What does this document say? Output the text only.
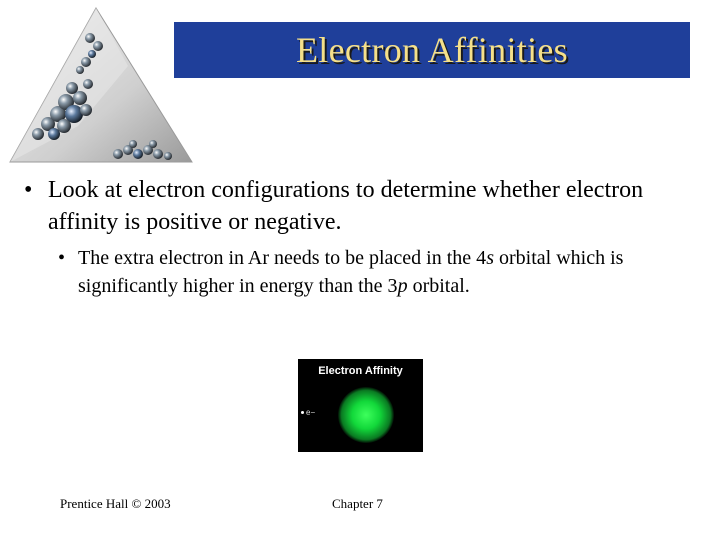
Electron Affinities
• Look at electron configurations to determine whether electron affinity is positive or negative.
• The extra electron in Ar needs to be placed in the 4s orbital which is significantly higher in energy than the 3p orbital.
Electron Affinity
e−
Prentice Hall © 2003	Chapter 7
